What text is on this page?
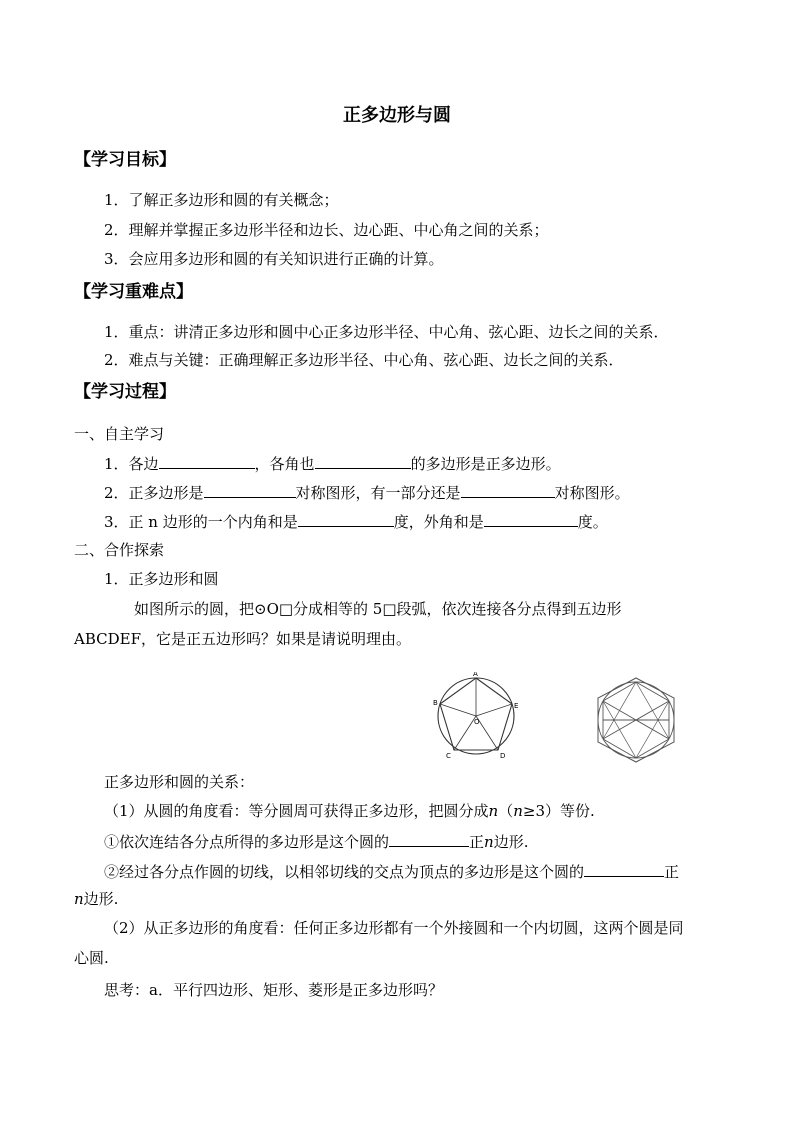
正多边形与圆
【学习目标】
1．了解正多边形和圆的有关概念；
2．理解并掌握正多边形半径和边长、边心距、中心角之间的关系；
3．会应用多边形和圆的有关知识进行正确的计算。
【学习重难点】
1．重点：讲清正多边形和圆中心正多边形半径、中心角、弦心距、边长之间的关系．
2．难点与关键：正确理解正多边形半径、中心角、弦心距、边长之间的关系．
【学习过程】
一、自主学习
1．各边	，各角也	的多边形是正多边形。
2．正多边形是	对称图形，有一部分还是	对称图形。
3．正 n 边形的一个内角和是	度，外角和是	度。
二、合作探索
1．正多边形和圆
如图所示的圆，把⊙O□分成相等的 5□段弧，依次连接各分点得到五边形
ABCDEF，它是正五边形吗？如果是请说明理由。
A
B
C	D
E
O
正多边形和圆的关系：
（1）从圆的角度看：等分圆周可获得正多边形，把圆分成n（n≥3）等份.
①依次连结各分点所得的多边形是这个圆的	正n边形.
②经过各分点作圆的切线，以相邻切线的交点为顶点的多边形是这个圆的	正
n边形.
（2）从正多边形的角度看：任何正多边形都有一个外接圆和一个内切圆，这两个圆是同
心圆.
思考：a．平行四边形、矩形、菱形是正多边形吗？
